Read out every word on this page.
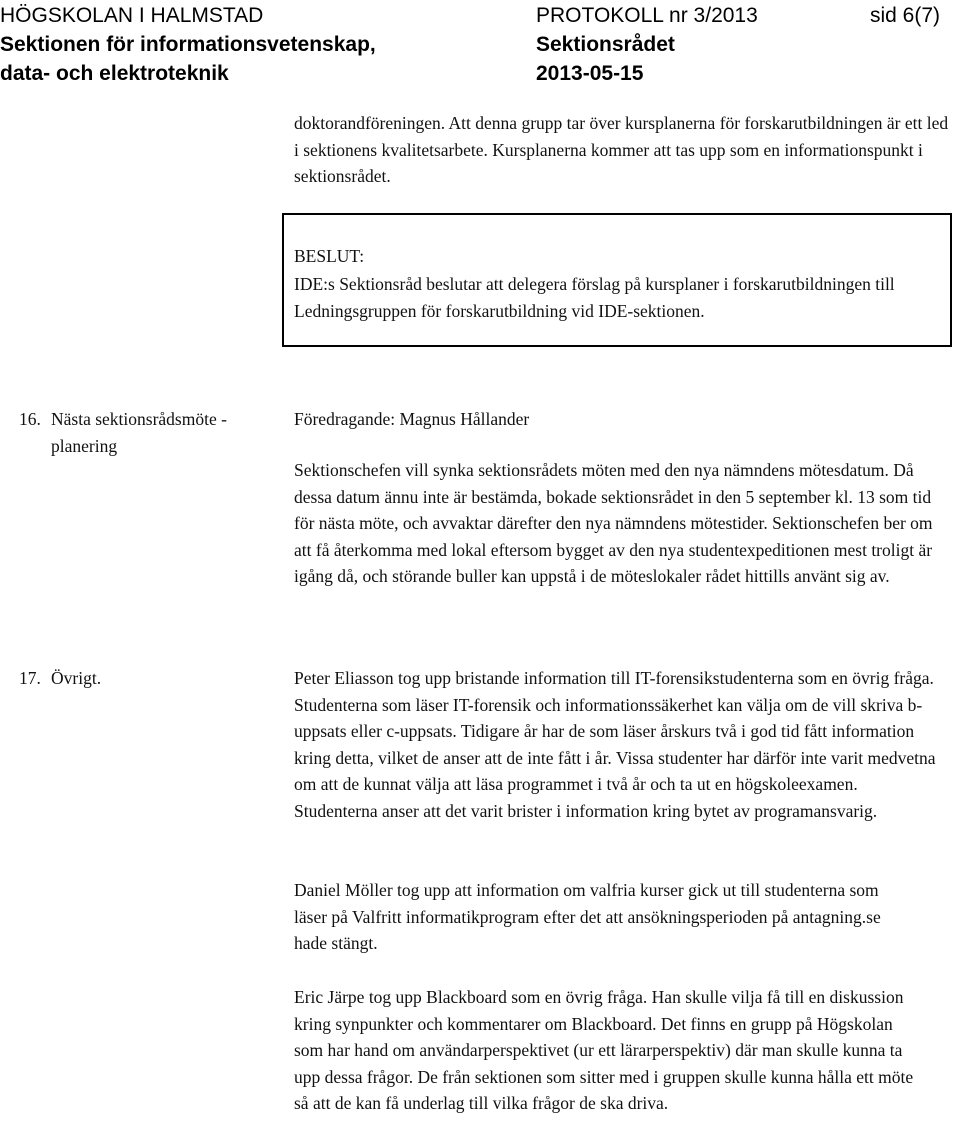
HÖGSKOLAN I HALMSTAD
Sektionen för informationsvetenskap,
data- och elektroteknik
PROTOKOLL nr 3/2013
Sektionsrådet
2013-05-15
sid 6(7)

doktorandföreningen. Att denna grupp tar över kursplanerna för forskarutbildningen är ett led i sektionens kvalitetsarbete. Kursplanerna kommer att tas upp som en informationspunkt i sektionsrådet.

BESLUT:

IDE:s Sektionsråd beslutar att delegera förslag på kursplaner i forskarutbildningen till Ledningsgruppen för forskarutbildning vid IDE-sektionen.

16. Nästa sektionsrådsmöte - planering
Föredragande: Magnus Hållander

Sektionschefen vill synka sektionsrådets möten med den nya nämndens mötesdatum. Då dessa datum ännu inte är bestämda, bokade sektionsrådet in den 5 september kl. 13 som tid för nästa möte, och avvaktar därefter den nya nämndens mötestider. Sektionschefen ber om att få återkomma med lokal eftersom bygget av den nya studentexpeditionen mest troligt är igång då, och störande buller kan uppstå i de möteslokaler rådet hittills använt sig av.

17. Övrigt.	Peter Eliasson tog upp bristande information till IT-forensikstudenterna som en övrig fråga. Studenterna som läser IT-forensik och informationssäkerhet kan välja om de vill skriva b-uppsats eller c-uppsats. Tidigare år har de som läser årskurs två i god tid fått information kring detta, vilket de anser att de inte fått i år. Vissa studenter har därför inte varit medvetna om att de kunnat välja att läsa programmet i två år och ta ut en högskoleexamen. Studenterna anser att det varit brister i information kring bytet av programansvarig.

Daniel Möller tog upp att information om valfria kurser gick ut till studenterna som läser på Valfritt informatikprogram efter det att ansökningsperioden på antagning.se hade stängt.

Eric Järpe tog upp Blackboard som en övrig fråga. Han skulle vilja få till en diskussion kring synpunkter och kommentarer om Blackboard. Det finns en grupp på Högskolan som har hand om användarperspektivet (ur ett lärarperspektiv) där man skulle kunna ta upp dessa frågor. De från sektionen som sitter med i gruppen skulle kunna hålla ett möte så att de kan få underlag till vilka frågor de ska driva.
